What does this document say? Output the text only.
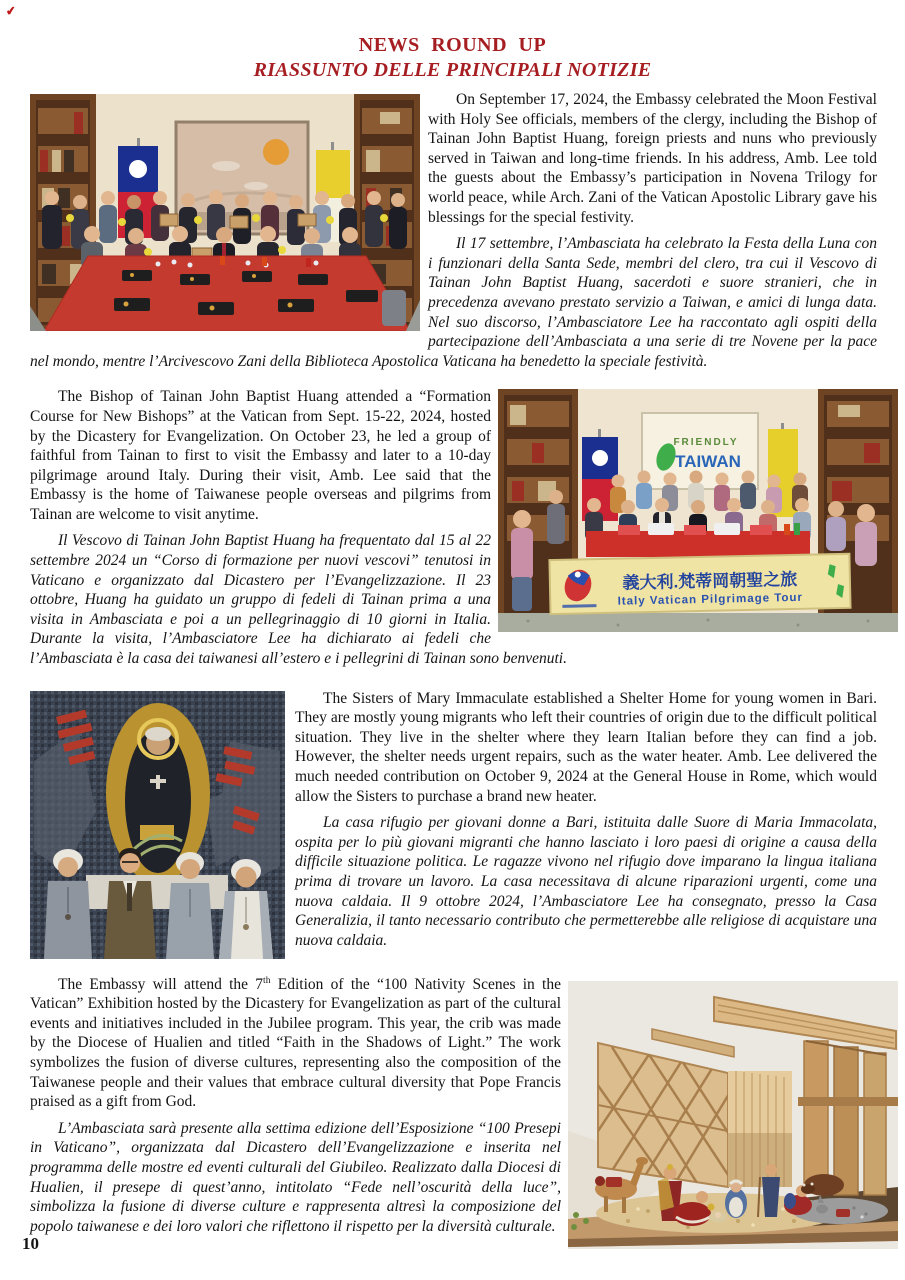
✔
NEWS ROUND UP
RIASSUNTO DELLE PRINCIPALI NOTIZIE

On September 17, 2024, the Embassy celebrated the Moon Festival with Holy See officials, members of the clergy, including the Bishop of Tainan John Baptist Huang, foreign priests and nuns who previously served in Taiwan and long-time friends. In his address, Amb. Lee told the guests about the Embassy’s participation in Novena Trilogy for world peace, while Arch. Zani of the Vatican Apostolic Library gave his blessings for the special festivity.

Il 17 settembre, l’Ambasciata ha celebrato la Festa della Luna con i funzionari della Santa Sede, membri del clero, tra cui il Vescovo di Tainan John Baptist Huang, sacerdoti e suore stranieri, che in precedenza avevano prestato servizio a Taiwan, e amici di lunga data. Nel suo discorso, l’Ambasciatore Lee ha raccontato agli ospiti della partecipazione dell’Ambasciata a una serie di tre Novene per la pace nel mondo, mentre l’Arcivescovo Zani della Biblioteca Apostolica Vaticana ha benedetto la speciale festività.

FRIENDLY
TAIWAN
義大利.梵蒂岡朝聖之旅
Italy Vatican Pilgrimage Tour

The Bishop of Tainan John Baptist Huang attended a “Formation Course for New Bishops” at the Vatican from Sept. 15-22, 2024, hosted by the Dicastery for Evangelization. On October 23, he led a group of faithful from Tainan to first to visit the Embassy and later to a 10-day pilgrimage around Italy. During their visit, Amb. Lee said that the Embassy is the home of Taiwanese people overseas and pilgrims from Tainan are welcome to visit anytime.

Il Vescovo di Tainan John Baptist Huang ha frequentato dal 15 al 22 settembre 2024 un “Corso di formazione per nuovi vescovi” tenutosi in Vaticano e organizzato dal Dicastero per l’Evangelizzazione. Il 23 ottobre, Huang ha guidato un gruppo di fedeli di Tainan prima a una visita in Ambasciata e poi a un pellegrinaggio di 10 giorni in Italia. Durante la visita, l’Ambasciatore Lee ha dichiarato ai fedeli che l’Ambasciata è la casa dei taiwanesi all’estero e i pellegrini di Tainan sono benvenuti.

The Sisters of Mary Immaculate established a Shelter Home for young women in Bari. They are mostly young migrants who left their countries of origin due to the difficult political situation. They live in the shelter where they learn Italian before they can find a job. However, the shelter needs urgent repairs, such as the water heater. Amb. Lee delivered the much needed contribution on October 9, 2024 at the General House in Rome, which would allow the Sisters to purchase a brand new heater.

La casa rifugio per giovani donne a Bari, istituita dalle Suore di Maria Immacolata, ospita per lo più giovani migranti che hanno lasciato i loro paesi di origine a causa della difficile situazione politica. Le ragazze vivono nel rifugio dove imparano la lingua italiana prima di trovare un lavoro. La casa necessitava di alcune riparazioni urgenti, come una nuova caldaia. Il 9 ottobre 2024, l’Ambasciatore Lee ha consegnato, presso la Casa Generalizia, il tanto necessario contributo che permetterebbe alle religiose di acquistare una nuova caldaia.

The Embassy will attend the 7th Edition of the “100 Nativity Scenes in the Vatican” Exhibition hosted by the Dicastery for Evangelization as part of the cultural events and initiatives included in the Jubilee program. This year, the crib was made by the Diocese of Hualien and titled “Faith in the Shadows of Light.” The work symbolizes the fusion of diverse cultures, representing also the composition of the Taiwanese people and their values that embrace cultural diversity that Pope Francis praised as a gift from God.

L’Ambasciata sarà presente alla settima edizione dell’Esposizione “100 Presepi in Vaticano”, organizzata dal Dicastero dell’Evangelizzazione e inserita nel programma delle mostre ed eventi culturali del Giubileo. Realizzato dalla Diocesi di Hualien, il presepe di quest’anno, intitolato “Fede nell’oscurità della luce”, simbolizza la fusione di diverse culture e rappresenta altresì la composizione del popolo taiwanese e dei loro valori che riflettono il rispetto per la diversità culturale.

10
